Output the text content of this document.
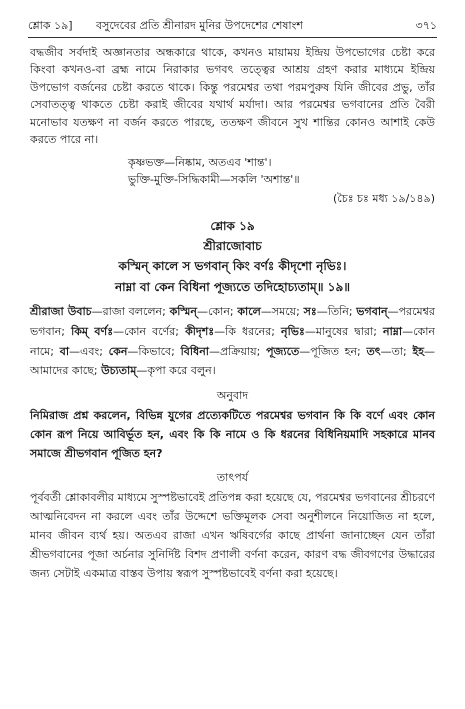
শ্লোক ১৯] বসুদেবের প্রতি শ্রীনারদ মুনির উপদেশের শেষাংশ	৩৭১

বদ্ধজীব সর্বদাই অজ্ঞানতার অন্ধকারে থাকে, কখনও মায়াময় ইন্দ্রিয় উপভোগের চেষ্টা করে কিংবা কখনও-বা ব্রহ্ম নামে নিরাকার ভগবৎ তত্ত্বের আশ্রয় গ্রহণ করার মাধ্যমে ইন্দ্রিয় উপভোগ বর্জনের চেষ্টা করতে থাকে। কিন্তু পরমেশ্বর তথা পরমপুরুষ যিনি জীবের প্রভু, তাঁর সেবাতত্ত্ব থাকতে চেষ্টা করাই জীবের যথার্থ মর্যাদা। আর পরমেশ্বর ভগবানের প্রতি বৈরী মনোভাব যতক্ষণ না বর্জন করতে পারছে, ততক্ষণ জীবনে সুখ শান্তির কোনও আশাই কেউ করতে পারে না।

কৃষ্ণভক্ত—নিষ্কাম, অতএব 'শান্ত'।
ভুক্তি-মুক্তি-সিদ্ধিকামী—সকলি 'অশান্ত'॥
(চৈঃ চঃ মধ্য ১৯/১৪৯)
শ্লোক ১৯
শ্রীরাজোবাচ
কস্মিন্ কালে স ভগবান্ কিং বর্ণঃ কীদৃশো নৃভিঃ।
নাম্না বা কেন বিধিনা পূজ্যতে তদিহোচ্যতাম্॥ ১৯॥
শ্রীরাজা উবাচ—রাজা বললেন; কস্মিন্—কোন; কালে—সময়ে; সঃ—তিনি; ভগবান্—পরমেশ্বর ভগবান; কিম্ বর্ণঃ—কোন বর্ণের; কীদৃশঃ—কি ধরনের; নৃভিঃ—মানুষের দ্বারা; নাম্না—কোন নামে; বা—এবং; কেন—কিভাবে; বিধিনা—প্রক্রিয়ায়; পূজ্যতে—পূজিত হন; তৎ—তা; ইহ—আমাদের কাছে; উচ্যতাম্—কৃপা করে বলুন।
অনুবাদ

নিমিরাজ প্রশ্ন করলেন, বিভিন্ন যুগের প্রত্যেকটিতে পরমেশ্বর ভগবান কি কি বর্ণে এবং কোন কোন রূপ নিয়ে আবির্ভূত হন, এবং কি কি নামে ও কি ধরনের বিধিনিয়মাদি সহকারে মানব সমাজে শ্রীভগবান পূজিত হন?

তাৎপর্য

পূর্ববর্তী শ্লোকাবলীর মাধ্যমে সুস্পষ্টভাবেই প্রতিপন্ন করা হয়েছে যে, পরমেশ্বর ভগবানের শ্রীচরণে আত্মনিবেদন না করলে এবং তাঁর উদ্দেশে ভক্তিমূলক সেবা অনুশীলনে নিয়োজিত না হলে, মানব জীবন ব্যর্থ হয়। অতএব রাজা এখন ঋষিবর্গের কাছে প্রার্থনা জানাচ্ছেন যেন তাঁরা শ্রীভগবানের পূজা অর্চনার সুনির্দিষ্ট বিশদ প্রণালী বর্ণনা করেন, কারণ বদ্ধ জীবগণের উদ্ধারের জন্য সেটাই একমাত্র বাস্তব উপায় স্বরূপ সুস্পষ্টভাবেই বর্ণনা করা হয়েছে।
